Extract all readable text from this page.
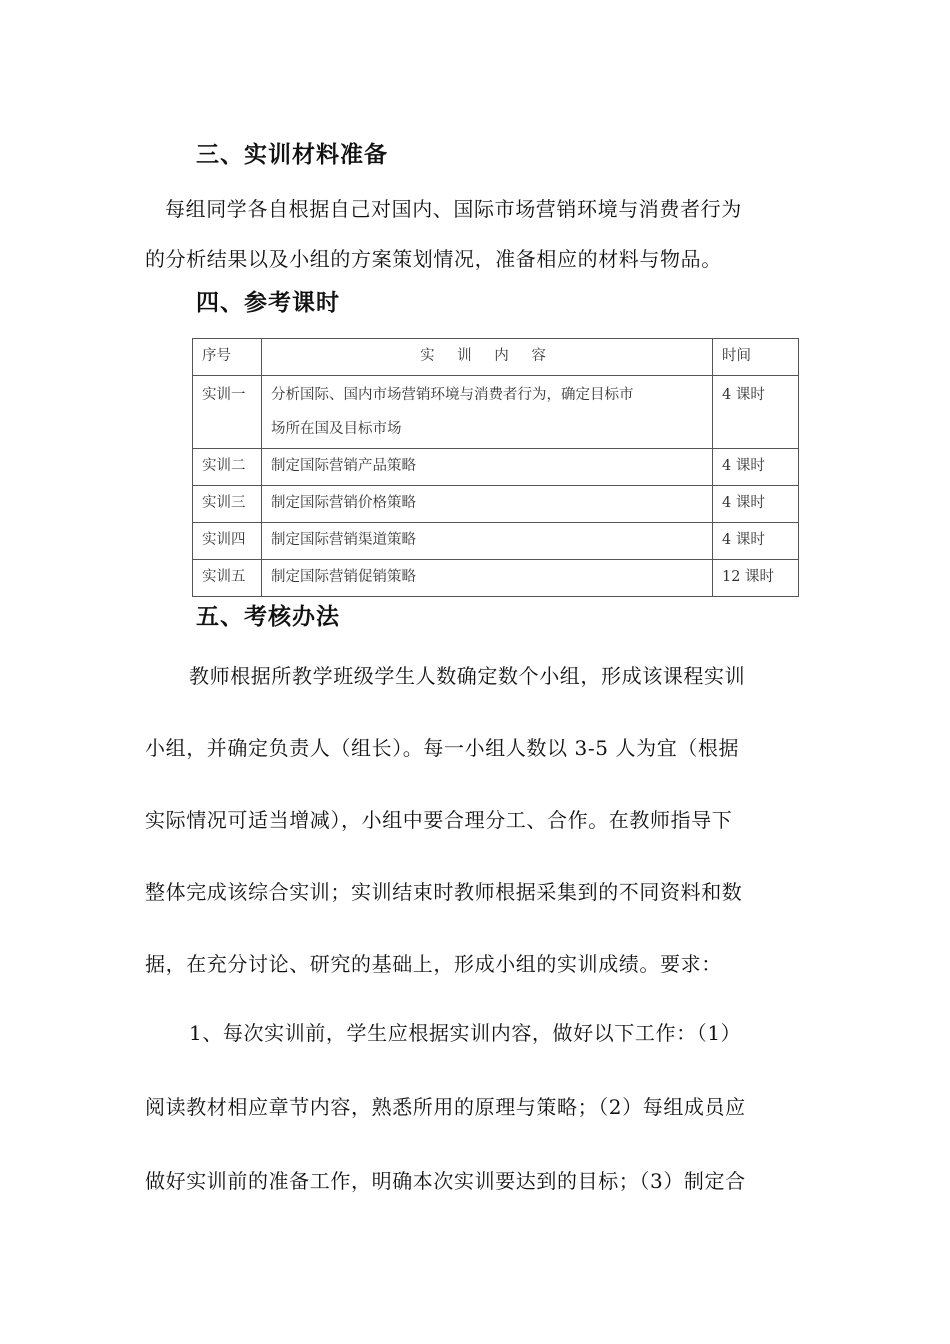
三、实训材料准备

每组同学各自根据自己对国内、国际市场营销环境与消费者行为

的分析结果以及小组的方案策划情况，准备相应的材料与物品。

四、参考课时
序号	实 训 内 容	时间
实训一	分析国际、国内市场营销环境与消费者行为，确定目标市
场所在国及目标市场	4 课时
实训二	制定国际营销产品策略	4 课时
实训三	制定国际营销价格策略	4 课时
实训四	制定国际营销渠道策略	4 课时
实训五	制定国际营销促销策略	12 课时
五、考核办法

教师根据所教学班级学生人数确定数个小组，形成该课程实训

小组，并确定负责人（组长）。每一小组人数以 3-5 人为宜（根据

实际情况可适当增减），小组中要合理分工、合作。在教师指导下

整体完成该综合实训；实训结束时教师根据采集到的不同资料和数

据，在充分讨论、研究的基础上，形成小组的实训成绩。要求：

1、每次实训前，学生应根据实训内容，做好以下工作：（1）

阅读教材相应章节内容，熟悉所用的原理与策略；（2）每组成员应

做好实训前的准备工作，明确本次实训要达到的目标；（3）制定合
